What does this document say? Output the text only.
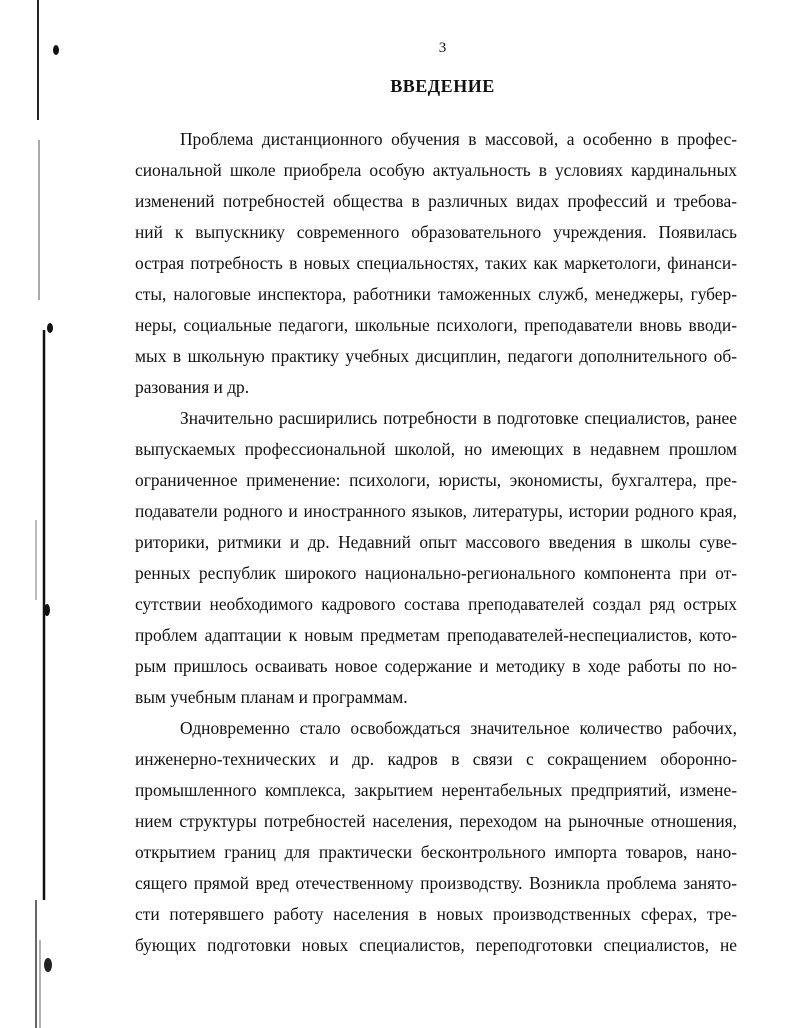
3
ВВЕДЕНИЕ
Проблема дистанционного обучения в массовой, а особенно в профес-
сиональной школе приобрела особую актуальность в условиях кардинальных
изменений потребностей общества в различных видах профессий и требова-
ний к выпускнику современного образовательного учреждения. Появилась
острая потребность в новых специальностях, таких как маркетологи, финанси-
сты, налоговые инспектора, работники таможенных служб, менеджеры, губер-
неры, социальные педагоги, школьные психологи, преподаватели вновь вводи-
мых в школьную практику учебных дисциплин, педагоги дополнительного об-
разования и др.
Значительно расширились потребности в подготовке специалистов, ранее
выпускаемых профессиональной школой, но имеющих в недавнем прошлом
ограниченное применение: психологи, юристы, экономисты, бухгалтера, пре-
подаватели родного и иностранного языков, литературы, истории родного края,
риторики, ритмики и др. Недавний опыт массового введения в школы суве-
ренных республик широкого национально-регионального компонента при от-
сутствии необходимого кадрового состава преподавателей создал ряд острых
проблем адаптации к новым предметам преподавателей-неспециалистов, кото-
рым пришлось осваивать новое содержание и методику в ходе работы по но-
вым учебным планам и программам.
Одновременно стало освобождаться значительное количество рабочих,
инженерно-технических и др. кадров в связи с сокращением оборонно-
промышленного комплекса, закрытием нерентабельных предприятий, измене-
нием структуры потребностей населения, переходом на рыночные отношения,
открытием границ для практически бесконтрольного импорта товаров, нано-
сящего прямой вред отечественному производству. Возникла проблема занято-
сти потерявшего работу населения в новых производственных сферах, тре-
бующих подготовки новых специалистов, переподготовки специалистов, не
